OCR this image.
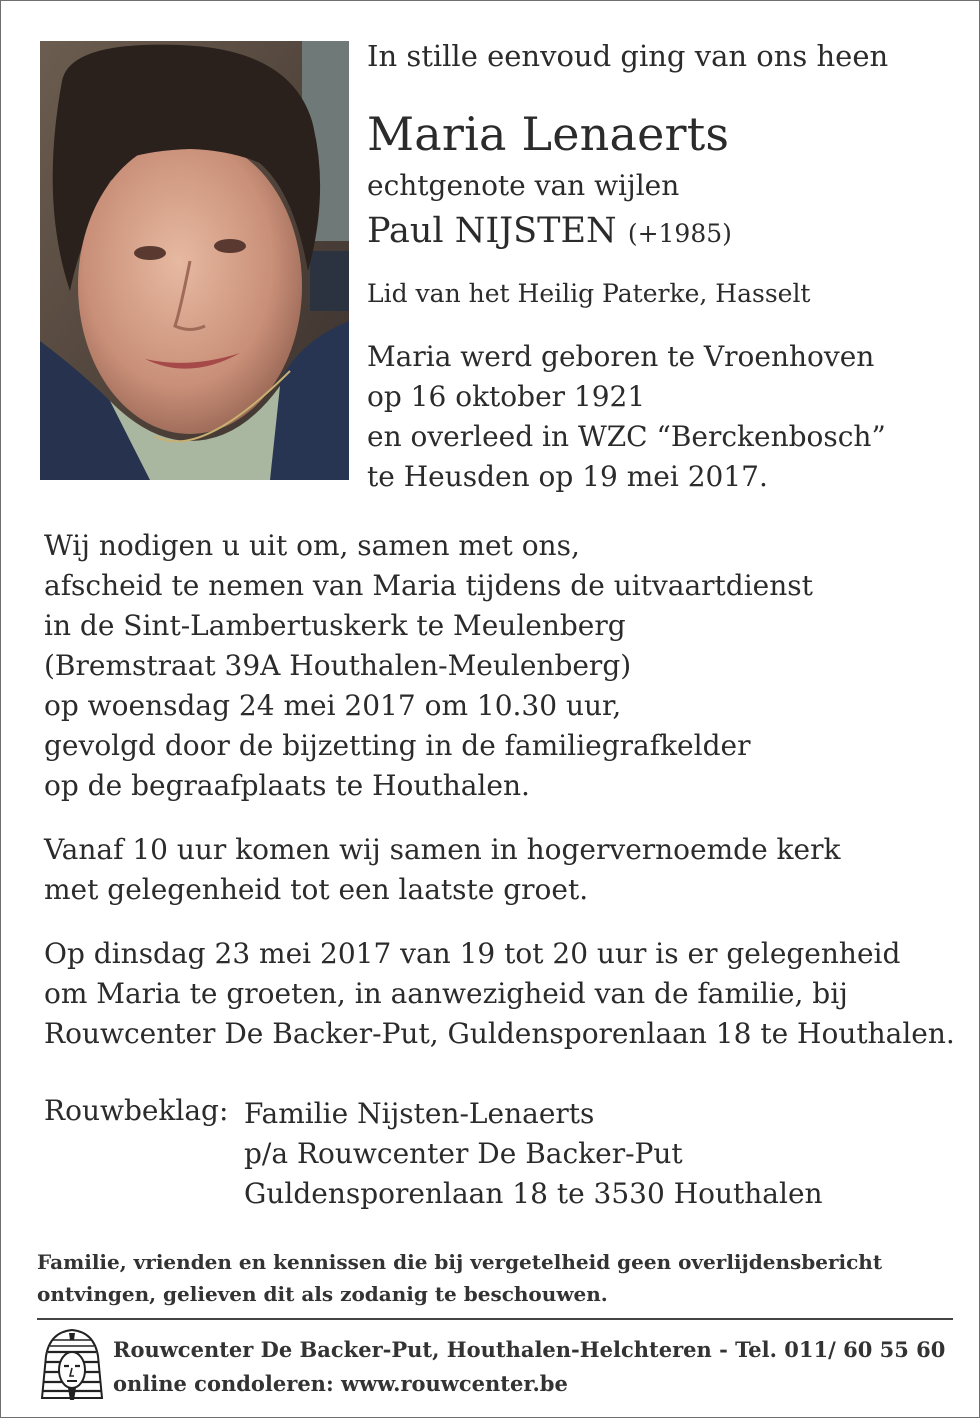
In stille eenvoud ging van ons heen

Maria Lenaerts

echtgenote van wijlen

Paul NIJSTEN (+1985)

Lid van het Heilig Paterke, Hasselt

Maria werd geboren te Vroenhoven
op 16 oktober 1921
en overleed in WZC “Berckenbosch”
te Heusden op 19 mei 2017.
Wij nodigen u uit om, samen met ons,
afscheid te nemen van Maria tijdens de uitvaartdienst
in de Sint-Lambertuskerk te Meulenberg
(Bremstraat 39A Houthalen-Meulenberg)
op woensdag 24 mei 2017 om 10.30 uur,
gevolgd door de bijzetting in de familiegrafkelder
op de begraafplaats te Houthalen.
Vanaf 10 uur komen wij samen in hogervernoemde kerk
met gelegenheid tot een laatste groet.
Op dinsdag 23 mei 2017 van 19 tot 20 uur is er gelegenheid
om Maria te groeten, in aanwezigheid van de familie, bij
Rouwcenter De Backer-Put, Guldensporenlaan 18 te Houthalen.

Rouwbeklag: Familie Nijsten-Lenaerts
p/a Rouwcenter De Backer-Put
Guldensporenlaan 18 te 3530 Houthalen
Familie, vrienden en kennissen die bij vergetelheid geen overlijdensbericht
ontvingen, gelieven dit als zodanig te beschouwen.
Rouwcenter De Backer-Put, Houthalen-Helchteren - Tel. 011/ 60 55 60
online condoleren: www.rouwcenter.be
